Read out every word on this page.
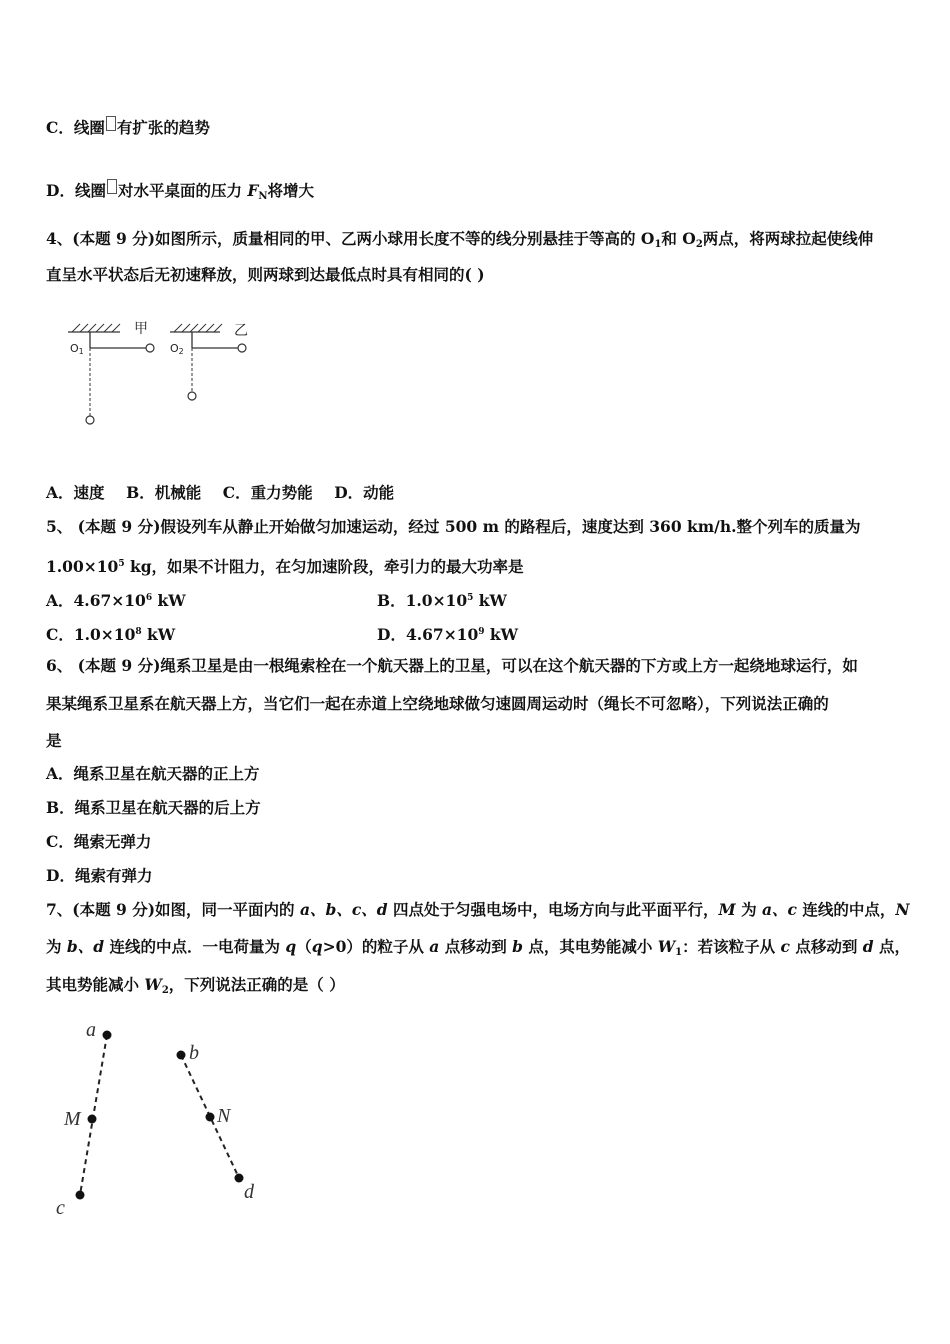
C．线圈 有扩张的趋势
D．线圈 对水平桌面的压力 $F_N$将增大
4、(本题 9 分)如图所示，质量相同的甲、乙两小球用长度不等的线分别悬挂于等高的 $O_1$和 $O_2$两点，将两球拉起使线伸
直呈水平状态后无初速释放，则两球到达最低点时具有相同的( )
甲
O1
乙
O2
A．速度    B．机械能    C．重力势能    D．动能
5、 (本题 9 分)假设列车从静止开始做匀加速运动，经过 500 m 的路程后，速度达到 360 km/h.整个列车的质量为
$1.00\times 10^5$ kg，如果不计阻力，在匀加速阶段，牵引力的最大功率是
A．$4.67\times 10^6$ kW	B．$1.0\times 10^5$ kW
C．$1.0\times 10^8$ kW	D．$4.67\times 10^9$ kW
6、 (本题 9 分)绳系卫星是由一根绳索栓在一个航天器上的卫星，可以在这个航天器的下方或上方一起绕地球运行，如
果某绳系卫星系在航天器上方，当它们一起在赤道上空绕地球做匀速圆周运动时（绳长不可忽略），下列说法正确的
是
A．绳系卫星在航天器的正上方
B．绳系卫星在航天器的后上方
C．绳索无弹力
D．绳索有弹力
7、(本题 9 分)如图，同一平面内的 a、b、c、d 四点处于匀强电场中，电场方向与此平面平行，M 为 a、c 连线的中点，N
为 b、d 连线的中点．一电荷量为 q（q>0）的粒子从 a 点移动到 b 点，其电势能减小 $W_1$：若该粒子从 c 点移动到 d 点，
其电势能减小 $W_2$，下列说法正确的是（ ）
a
M
c
b
N
d
